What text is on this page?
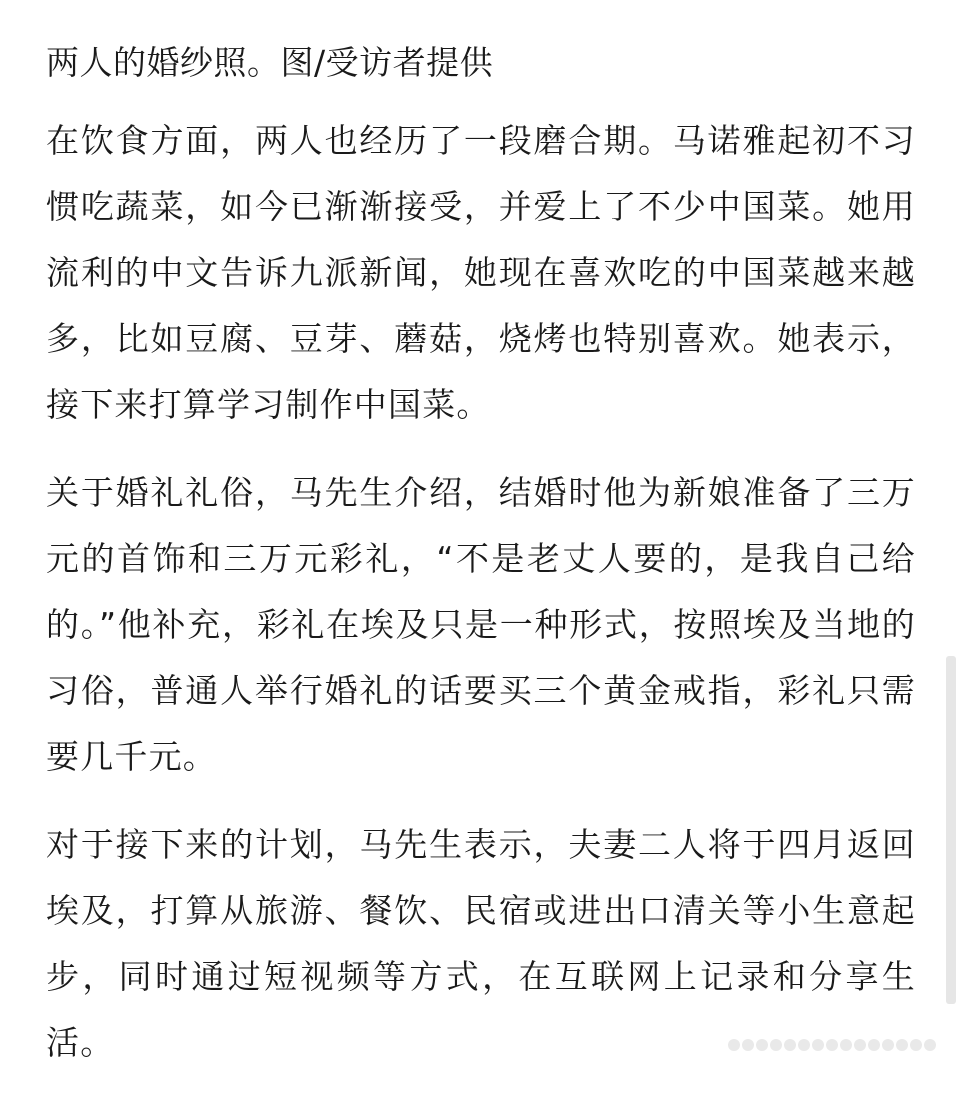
两人的婚纱照。图/受访者提供

在饮食方面，两人也经历了一段磨合期。马诺雅起初不习惯吃蔬菜，如今已渐渐接受，并爱上了不少中国菜。她用流利的中文告诉九派新闻，她现在喜欢吃的中国菜越来越多，比如豆腐、豆芽、蘑菇，烧烤也特别喜欢。她表示，接下来打算学习制作中国菜。

关于婚礼礼俗，马先生介绍，结婚时他为新娘准备了三万元的首饰和三万元彩礼，“不是老丈人要的，是我自己给的。”他补充，彩礼在埃及只是一种形式，按照埃及当地的习俗，普通人举行婚礼的话要买三个黄金戒指，彩礼只需要几千元。

对于接下来的计划，马先生表示，夫妻二人将于四月返回埃及，打算从旅游、餐饮、民宿或进出口清关等小生意起步，同时通过短视频等方式，在互联网上记录和分享生活。
